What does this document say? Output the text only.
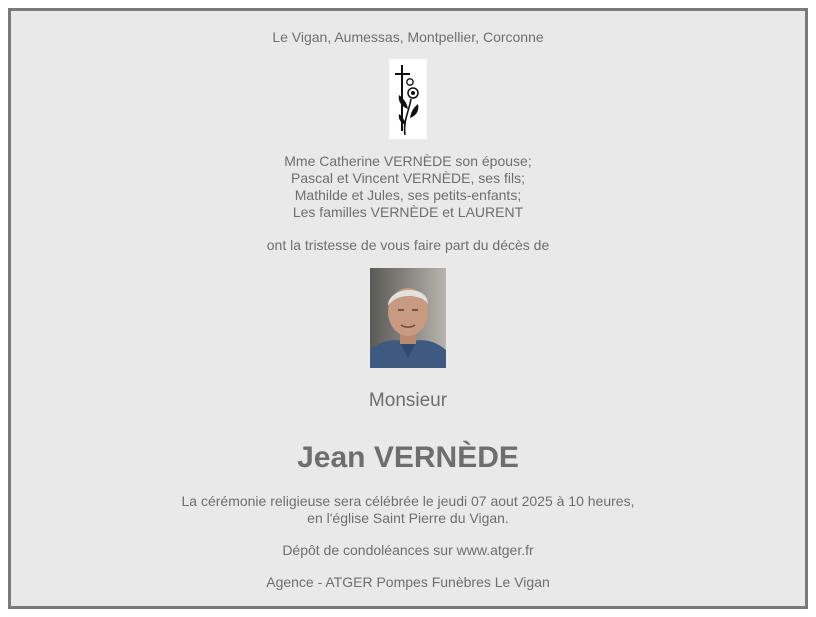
Le Vigan, Aumessas, Montpellier, Corconne
Mme Catherine VERNÈDE son épouse;
Pascal et Vincent VERNÈDE, ses fils;
Mathilde et Jules, ses petits-enfants;
Les familles VERNÈDE et LAURENT
ont la tristesse de vous faire part du décès de
Monsieur
Jean VERNÈDE
La cérémonie religieuse sera célébrée le jeudi 07 aout 2025 à 10 heures,
en l'église Saint Pierre du Vigan.
Dépôt de condoléances sur www.atger.fr
Agence - ATGER Pompes Funèbres Le Vigan
